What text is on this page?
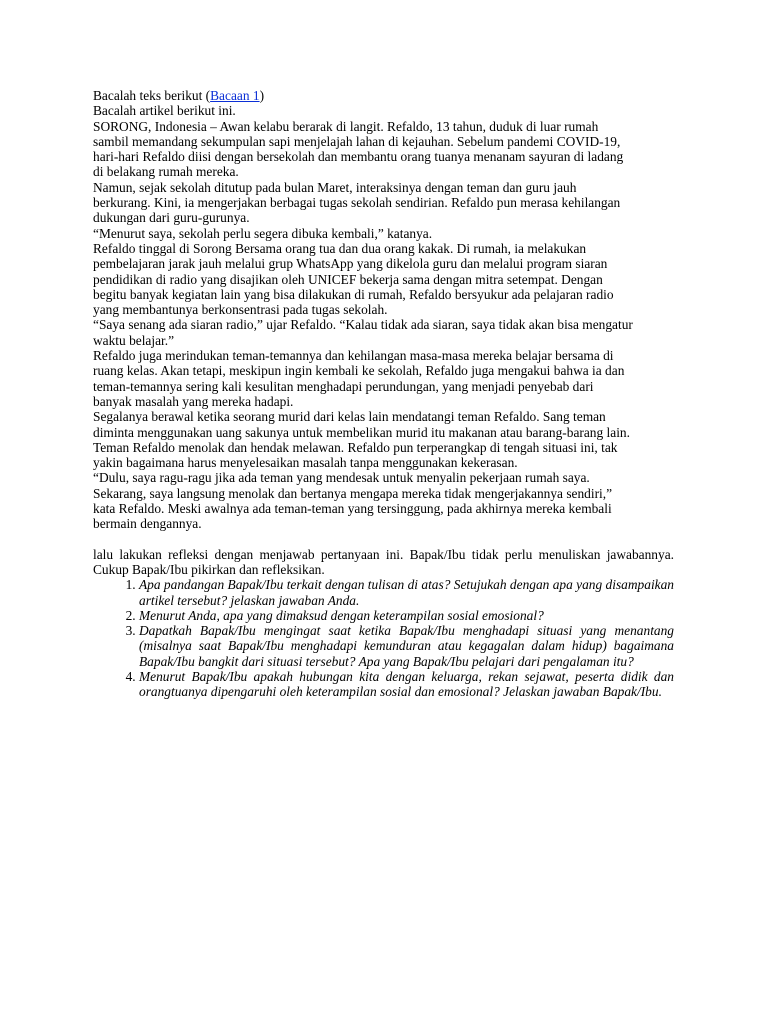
Bacalah teks berikut (Bacaan 1)

Bacalah artikel berikut ini.

SORONG, Indonesia – Awan kelabu berarak di langit. Refaldo, 13 tahun, duduk di luar rumah sambil memandang sekumpulan sapi menjelajah lahan di kejauhan. Sebelum pandemi COVID-19, hari-hari Refaldo diisi dengan bersekolah dan membantu orang tuanya menanam sayuran di ladang di belakang rumah mereka.

Namun, sejak sekolah ditutup pada bulan Maret, interaksinya dengan teman dan guru jauh berkurang. Kini, ia mengerjakan berbagai tugas sekolah sendirian. Refaldo pun merasa kehilangan dukungan dari guru-gurunya.

“Menurut saya, sekolah perlu segera dibuka kembali,” katanya.

Refaldo tinggal di Sorong Bersama orang tua dan dua orang kakak. Di rumah, ia melakukan pembelajaran jarak jauh melalui grup WhatsApp yang dikelola guru dan melalui program siaran pendidikan di radio yang disajikan oleh UNICEF bekerja sama dengan mitra setempat. Dengan begitu banyak kegiatan lain yang bisa dilakukan di rumah, Refaldo bersyukur ada pelajaran radio yang membantunya berkonsentrasi pada tugas sekolah.

“Saya senang ada siaran radio,” ujar Refaldo. “Kalau tidak ada siaran, saya tidak akan bisa mengatur waktu belajar.”

Refaldo juga merindukan teman-temannya dan kehilangan masa-masa mereka belajar bersama di ruang kelas. Akan tetapi, meskipun ingin kembali ke sekolah, Refaldo juga mengakui bahwa ia dan teman-temannya sering kali kesulitan menghadapi perundungan, yang menjadi penyebab dari banyak masalah yang mereka hadapi.

Segalanya berawal ketika seorang murid dari kelas lain mendatangi teman Refaldo. Sang teman diminta menggunakan uang sakunya untuk membelikan murid itu makanan atau barang-barang lain. Teman Refaldo menolak dan hendak melawan. Refaldo pun terperangkap di tengah situasi ini, tak yakin bagaimana harus menyelesaikan masalah tanpa menggunakan kekerasan.

“Dulu, saya ragu-ragu jika ada teman yang mendesak untuk menyalin pekerjaan rumah saya. Sekarang, saya langsung menolak dan bertanya mengapa mereka tidak mengerjakannya sendiri,” kata Refaldo. Meski awalnya ada teman-teman yang tersinggung, pada akhirnya mereka kembali bermain dengannya.

lalu lakukan refleksi dengan menjawab pertanyaan ini. Bapak/Ibu tidak perlu menuliskan jawabannya. Cukup Bapak/Ibu pikirkan dan refleksikan.

1. Apa pandangan Bapak/Ibu terkait dengan tulisan di atas? Setujukah dengan apa yang disampaikan artikel tersebut? jelaskan jawaban Anda.
2. Menurut Anda, apa yang dimaksud dengan keterampilan sosial emosional?
3. Dapatkah Bapak/Ibu mengingat saat ketika Bapak/Ibu menghadapi situasi yang menantang (misalnya saat Bapak/Ibu menghadapi kemunduran atau kegagalan dalam hidup) bagaimana Bapak/Ibu bangkit dari situasi tersebut? Apa yang Bapak/Ibu pelajari dari pengalaman itu?
4. Menurut Bapak/Ibu apakah hubungan kita dengan keluarga, rekan sejawat, peserta didik dan orangtuanya dipengaruhi oleh keterampilan sosial dan emosional? Jelaskan jawaban Bapak/Ibu.
